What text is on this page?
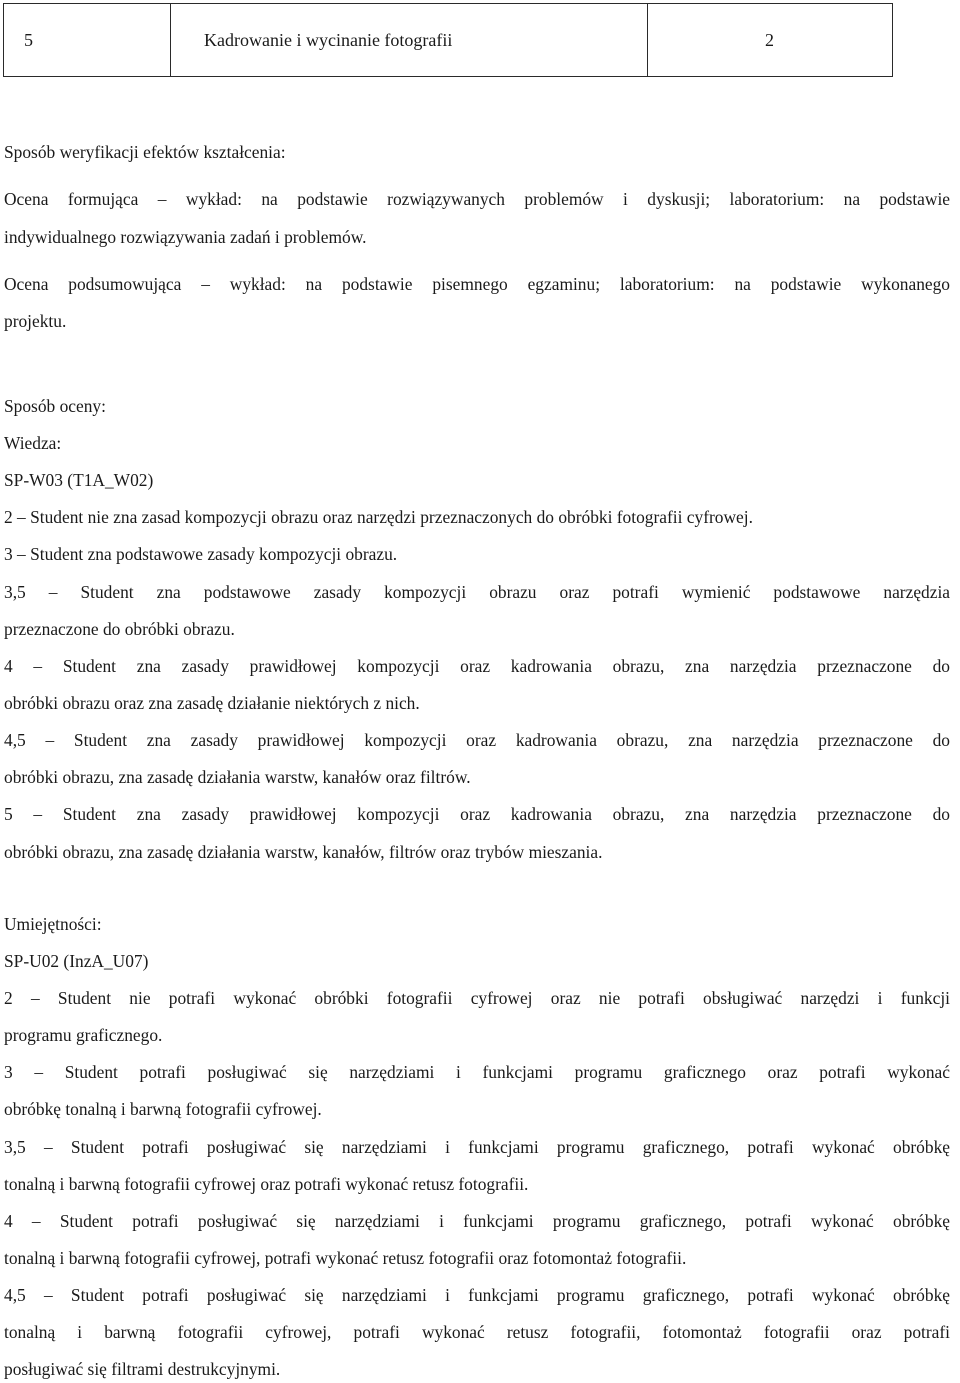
5	Kadrowanie i wycinanie fotografii	2
Sposób weryfikacji efektów kształcenia:
Ocena formująca – wykład: na podstawie rozwiązywanych problemów i dyskusji; laboratorium: na podstawie
indywidualnego rozwiązywania zadań i problemów.
Ocena podsumowująca – wykład: na podstawie pisemnego egzaminu; laboratorium: na podstawie wykonanego
projektu.
Sposób oceny:
Wiedza:
SP-W03 (T1A_W02)
2 – Student nie zna zasad kompozycji obrazu oraz narzędzi przeznaczonych do obróbki fotografii cyfrowej.
3 – Student zna podstawowe zasady kompozycji obrazu.
3,5 – Student zna podstawowe zasady kompozycji obrazu oraz potrafi wymienić podstawowe narzędzia
przeznaczone do obróbki obrazu.
4 – Student zna zasady prawidłowej kompozycji oraz kadrowania obrazu, zna narzędzia przeznaczone do
obróbki obrazu oraz zna zasadę działanie niektórych z nich.
4,5 – Student zna zasady prawidłowej kompozycji oraz kadrowania obrazu, zna narzędzia przeznaczone do
obróbki obrazu, zna zasadę działania warstw, kanałów oraz filtrów.
5 – Student zna zasady prawidłowej kompozycji oraz kadrowania obrazu, zna narzędzia przeznaczone do
obróbki obrazu, zna zasadę działania warstw, kanałów, filtrów oraz trybów mieszania.
Umiejętności:
SP-U02 (InzA_U07)
2 – Student nie potrafi wykonać obróbki fotografii cyfrowej oraz nie potrafi obsługiwać narzędzi i funkcji
programu graficznego.
3 – Student potrafi posługiwać się narzędziami i funkcjami programu graficznego oraz potrafi wykonać
obróbkę tonalną i barwną fotografii cyfrowej.
3,5 – Student potrafi posługiwać się narzędziami i funkcjami programu graficznego, potrafi wykonać obróbkę
tonalną i barwną fotografii cyfrowej oraz potrafi wykonać retusz fotografii.
4 – Student potrafi posługiwać się narzędziami i funkcjami programu graficznego, potrafi wykonać obróbkę
tonalną i barwną fotografii cyfrowej, potrafi wykonać retusz fotografii oraz fotomontaż fotografii.
4,5 – Student potrafi posługiwać się narzędziami i funkcjami programu graficznego, potrafi wykonać obróbkę
tonalną i barwną fotografii cyfrowej, potrafi wykonać retusz fotografii, fotomontaż fotografii oraz potrafi
posługiwać się filtrami destrukcyjnymi.
